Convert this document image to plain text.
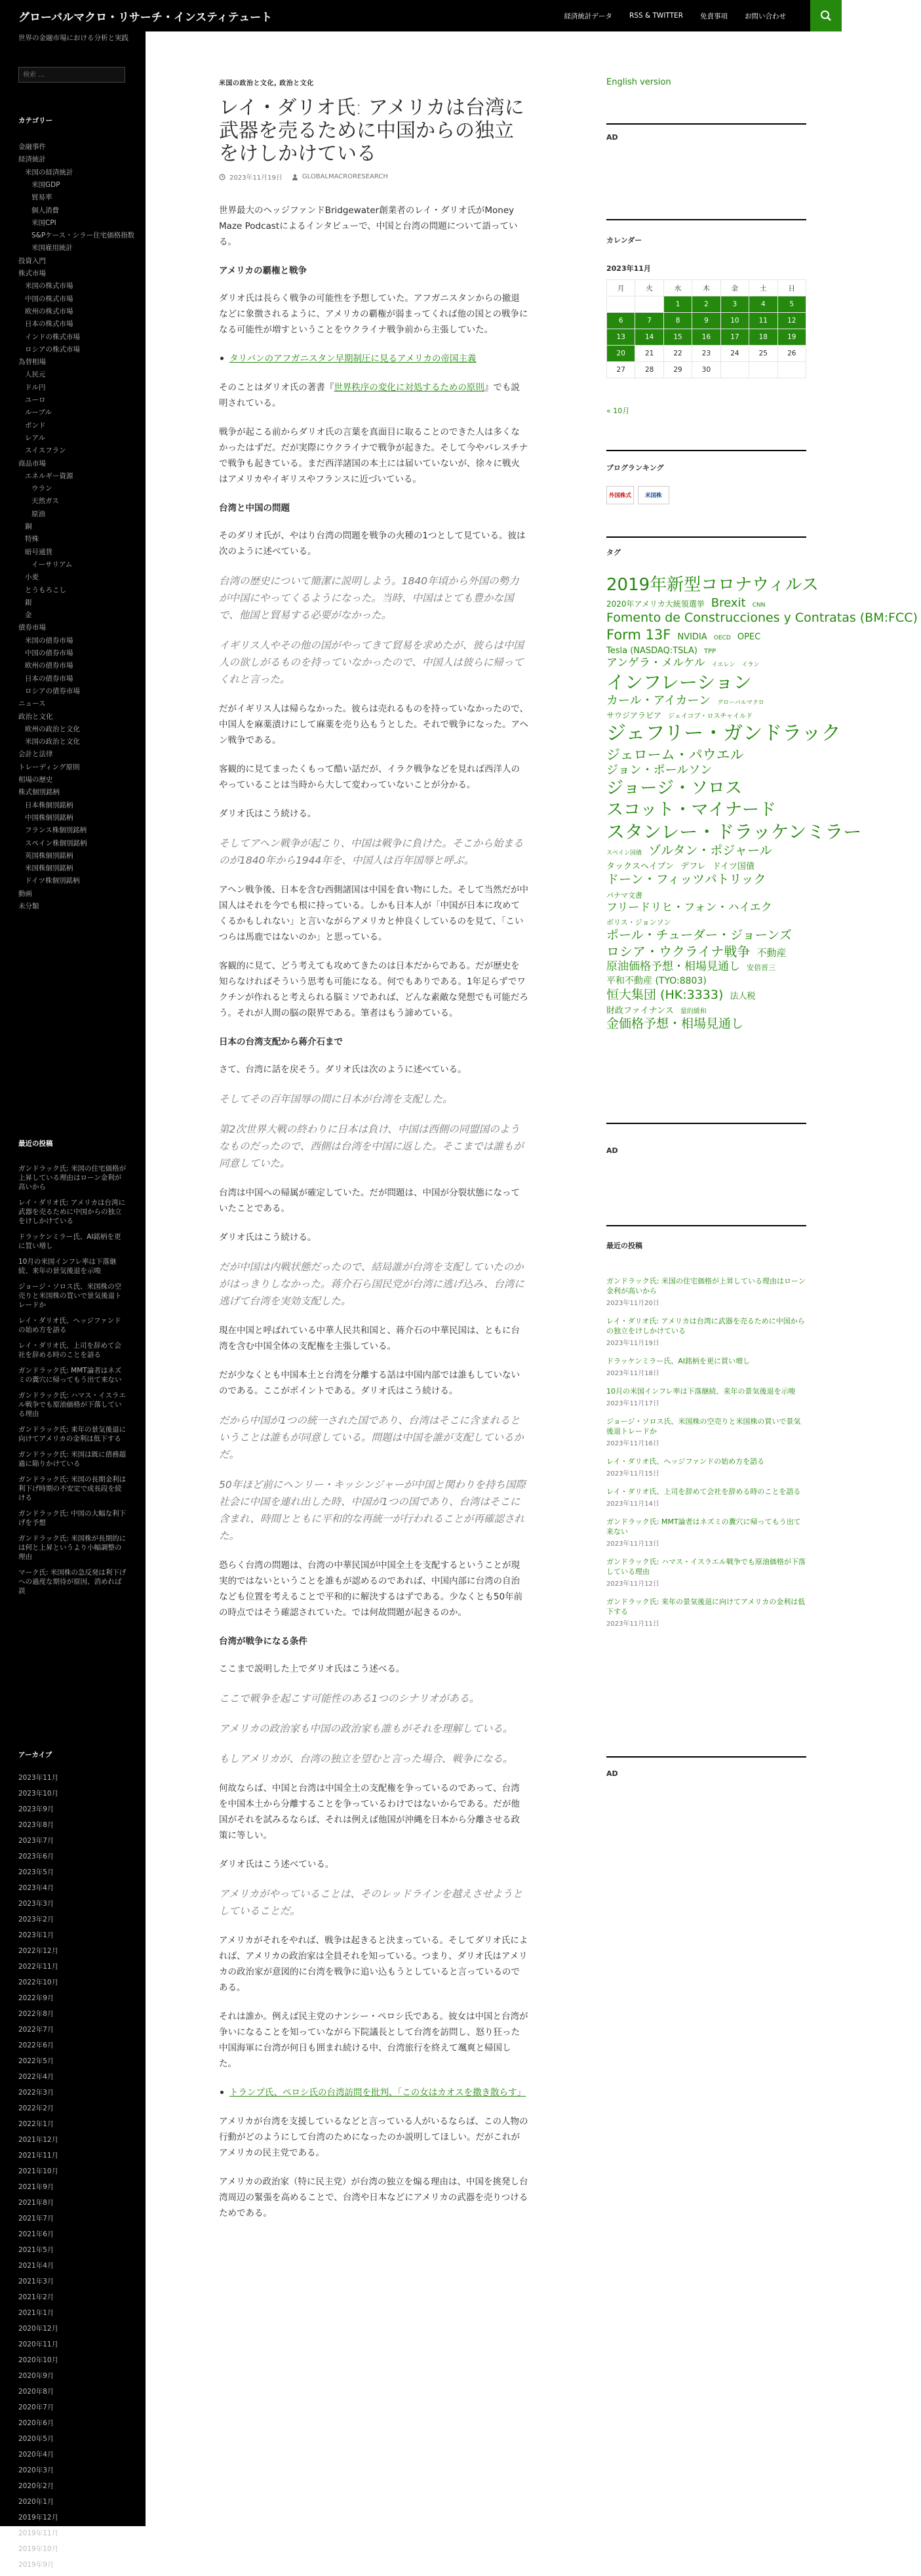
グローバルマクロ・リサーチ・インスティテュート	経済統計データ RSS & TWITTER 免責事項 お問い合わせ
世界の金融市場における分析と実践
検索 …
カテゴリー
金融事件
経済統計
米国の経済統計
米国GDP
貿易率
個人消費
米国CPI
S&Pケース・シラー住宅価格指数
米国雇用統計
投資入門
株式市場
米国の株式市場
中国の株式市場
欧州の株式市場
日本の株式市場
インドの株式市場
ロシアの株式市場
為替相場
人民元
ドル円
ユーロ
ルーブル
ポンド
レアル
スイスフラン
商品市場
エネルギー資源
ウラン
天然ガス
原油
銅
特殊
暗号通貨
イーサリアム
小麦
とうもろこし
銀
金
債券市場
米国の債券市場
中国の債券市場
欧州の債券市場
日本の債券市場
ロシアの債券市場
ニュース
政治と文化
欧州の政治と文化
米国の政治と文化
会計と法律
トレーディング原則
相場の歴史
株式個別銘柄
日本株個別銘柄
中国株個別銘柄
フランス株個別銘柄
スペイン株個別銘柄
英国株個別銘柄
米国株個別銘柄
ドイツ株個別銘柄
動画
未分類
最近の投稿
ガンドラック氏: 米国の住宅価格が上昇している理由はローン金利が高いから
レイ・ダリオ氏: アメリカは台湾に武器を売るために中国からの独立をけしかけている
ドラッケンミラー氏、AI銘柄を更に買い増し
10月の米国インフレ率は下落継続、来年の景気後退を示唆
ジョージ・ソロス氏、米国株の空売りと米国株の買いで景気後退トレードか
レイ・ダリオ氏、ヘッジファンドの始め方を語る
レイ・ダリオ氏、上司を辞めて会社を辞める時のことを語る
ガンドラック氏: MMT論者はネズミの糞穴に帰ってもう出て来ない
ガンドラック氏: ハマス・イスラエル戦争でも原油価格が下落している理由
ガンドラック氏: 来年の景気後退に向けてアメリカの金利は低下する
ガンドラック氏: 米国は既に債務超過に陥りかけている
ガンドラック氏: 米国の長期金利は利下げ時期の不安定で成長段を続ける
ガンドラック氏: 中国の大幅な利下げを予想
ガンドラック氏: 米国株が長期的には何と上昇というより小幅調整の理由
マーク氏: 米国株の急反発は利下げへの過度な期待が原因、消めれば誤
アーカイブ
2023年11月
2023年10月
2023年9月
2023年8月
2023年7月
2023年6月
2023年5月
2023年4月
2023年3月
2023年2月
2023年1月
2022年12月
2022年11月
2022年10月
2022年9月
2022年8月
2022年7月
2022年6月
2022年5月
2022年4月
2022年3月
2022年2月
2022年1月
2021年12月
2021年11月
2021年10月
2021年9月
2021年8月
2021年7月
2021年6月
2021年5月
2021年4月
2021年3月
2021年2月
2021年1月
2020年12月
2020年11月
2020年10月
2020年9月
2020年8月
2020年7月
2020年6月
2020年5月
2020年4月
2020年3月
2020年2月
2020年1月
2019年12月
2019年11月
2019年10月
2019年9月
米国の政治と文化, 政治と文化
レイ・ダリオ氏: アメリカは台湾に武器を売るために中国からの独立をけしかけている
2023年11月19日	GLOBALMACRORESEARCH
世界最大のヘッジファンドBridgewater創業者のレイ・ダリオ氏がMoney Maze Podcastによるインタビューで、中国と台湾の問題について語っている。
アメリカの覇権と戦争
ダリオ氏は長らく戦争の可能性を予想していた。アフガニスタンからの撤退などに象徴されるように、アメリカの覇権が弱まってくれば他の国との戦争になる可能性が増すということをウクライナ戦争前から主張していた。
タリバンのアフガニスタン早期制圧に見るアメリカの帝国主義
そのことはダリオ氏の著書『世界秩序の変化に対処するための原則』でも説明されている。
戦争が起こる前からダリオ氏の言葉を真面目に取ることのできた人は多くなかったはずだ。だが実際にウクライナで戦争が起きた。そして今やパレスチナで戦争も起きている。まだ西洋諸国の本土には届いていないが、徐々に戦火はアメリカやイギリスやフランスに近づいている。
台湾と中国の問題
そのダリオ氏が、やはり台湾の問題を戦争の火種の1つとして見ている。彼は次のように述べている。
台湾の歴史について簡潔に説明しよう。1840年頃から外国の勢力が中国にやってくるようになった。当時、中国はとても豊かな国で、他国と貿易する必要がなかった。
イギリス人やその他の国がやってきて貿易を求めたが、彼らは中国人の欲しがるものを持っていなかったので、中国人は彼らに帰ってくれと言った。
だがイギリス人は帰らなかった。彼らは売れるものを持っていなかったので、中国人を麻薬漬けにして麻薬を売り込もうとした。それで戦争になった。アヘン戦争である。
客観的に見てまったくもって酷い話だが、イラク戦争などを見れば西洋人のやっていることは当時から大して変わっていないことが分かる。
ダリオ氏はこう続ける。
そしてアヘン戦争が起こり、中国は戦争に負けた。そこから始まるのが1840年から1944年を、中国人は百年国辱と呼ぶ。
アヘン戦争後、日本を含む西側諸国は中国を食い物にした。そして当然だが中国人はそれを今でも根に持っている。しかも日本人が「中国が日本に攻めてくるかもしれない」と言いながらアメリカと仲良くしているのを見て、「こいつらは馬鹿ではないのか」と思っている。
客観的に見て、どう考えても攻めてきたのは日本だからである。だが歴史を知らなければそういう思考も可能になる。何でもありである。1年足らずでワクチンが作れると考えられる脳ミソであれば、どんな素敵な発想でも可能だろう。それが人間の脳の限界である。筆者はもう諦めている。
日本の台湾支配から蒋介石まで
さて、台湾に話を戻そう。ダリオ氏は次のように述べている。
そしてその百年国辱の間に日本が台湾を支配した。
第2次世界大戦の終わりに日本は負け、中国は西側の同盟国のようなものだったので、西側は台湾を中国に返した。そこまでは誰もが同意していた。
台湾は中国への帰属が確定していた。だが問題は、中国が分裂状態になっていたことである。
ダリオ氏はこう続ける。
だが中国は内戦状態だったので、結局誰が台湾を支配していたのかがはっきりしなかった。蒋介石ら国民党が台湾に逃げ込み、台湾に逃げて台湾を実効支配した。
現在中国と呼ばれている中華人民共和国と、蒋介石の中華民国は、ともに台湾を含む中国全体の支配権を主張している。
だが少なくとも中国本土と台湾を分離する話は中国内部では誰もしていないのである。ここがポイントである。ダリオ氏はこう続ける。
だから中国が1つの統一された国であり、台湾はそこに含まれるということは誰もが同意している。問題は中国を誰が支配しているかだ。
50年ほど前にヘンリー・キッシンジャーが中国と関わりを持ち国際社会に中国を連れ出した時、中国が1つの国であり、台湾はそこに含まれ、時間とともに平和的な再統一が行われることが再確認された。
恐らく台湾の問題は、台湾の中華民国が中国全土を支配するということが現実的ではないということを誰もが認めるのであれば、中国内部に台湾の自治なども位置を考えることで平和的に解決するはずである。少なくとも50年前の時点ではそう確認されていた。では何故問題が起きるのか。
台湾が戦争になる条件
ここまで説明した上でダリオ氏はこう述べる。
ここで戦争を起こす可能性のある1つのシナリオがある。
アメリカの政治家も中国の政治家も誰もがそれを理解している。
もしアメリカが、台湾の独立を望むと言った場合、戦争になる。
何故ならば、中国と台湾は中国全土の支配権を争っているのであって、台湾を中国本土から分離することを争っているわけではないからである。だが他国がそれを試みるならば、それは例えば他国が沖縄を日本から分離させる政策に等しい。
ダリオ氏はこう述べている。
アメリカがやっていることは、そのレッドラインを越えさせようとしていることだ。
アメリカがそれをやれば、戦争は起きると決まっている。そしてダリオ氏によれば、アメリカの政治家は全員それを知っている。つまり、ダリオ氏はアメリカの政治家が意図的に台湾を戦争に追い込もうとしていると言っているのである。
それは誰か。例えば民主党のナンシー・ペロシ氏である。彼女は中国と台湾が争いになることを知っていながら下院議長として台湾を訪問し、怒り狂った中国海軍に台湾が何日も囲まれ続ける中、台湾旅行を終えて颯爽と帰国した。
トランプ氏、ペロシ氏の台湾訪問を批判、「この女はカオスを撒き散らす」
アメリカが台湾を支援しているなどと言っている人がいるならば、この人物の行動がどのようにして台湾のためになったのか説明してほしい。だがこれがアメリカの民主党である。
アメリカの政治家（特に民主党）が台湾の独立を煽る理由は、中国を挑発し台湾周辺の緊張を高めることで、台湾や日本などにアメリカの武器を売りつけるためである。
English version
AD
カレンダー
2023年11月
月	火	水	木	金	土	日
		1	2	3	4	5
6	7	8	9	10	11	12
13	14	15	16	17	18	19
20	21	22	23	24	25	26
27	28	29	30			
« 10月
ブログランキング
外国株式	米国株
タグ
2019年新型コロナウィルス 2020年アメリカ大統領選挙 Brexit CNN Fomento de Construcciones y Contratas (BM:FCC) Form 13F NVIDIA OECD OPEC Tesla (NASDAQ:TSLA) TPP アンゲラ・メルケル イエレン イラン インフレーション カール・アイカーン グローバルマクロ サウジアラビア ジェイコブ・ロスチャイルド ジェフリー・ガンドラック ジェローム・パウエル ジョン・ポールソン ジョージ・ソロス スコット・マイナード スタンレー・ドラッケンミラー スペイン国債 ゾルタン・ポジャール タックスヘイブン デフレ ドイツ国債 ドーン・フィッツパトリック パナマ文書 フリードリヒ・フォン・ハイエク ボリス・ジョンソン ポール・チューダー・ジョーンズ ロシア・ウクライナ戦争 不動産 原油価格予想・相場見通し 安倍晋三 平和不動産 (TYO:8803) 恒大集団 (HK:3333) 法人税 財政ファイナンス 量的緩和 金価格予想・相場見通し
AD
最近の投稿
ガンドラック氏: 米国の住宅価格が上昇している理由はローン金利が高いから
2023年11月20日
レイ・ダリオ氏: アメリカは台湾に武器を売るために中国からの独立をけしかけている
2023年11月19日
ドラッケンミラー氏、AI銘柄を更に買い増し
2023年11月18日
10月の米国インフレ率は下落継続、来年の景気後退を示唆
2023年11月17日
ジョージ・ソロス氏、米国株の空売りと米国株の買いで景気後退トレードか
2023年11月16日
レイ・ダリオ氏、ヘッジファンドの始め方を語る
2023年11月15日
レイ・ダリオ氏、上司を辞めて会社を辞める時のことを語る
2023年11月14日
ガンドラック氏: MMT論者はネズミの糞穴に帰ってもう出て来ない
2023年11月13日
ガンドラック氏: ハマス・イスラエル戦争でも原油価格が下落している理由
2023年11月12日
ガンドラック氏: 来年の景気後退に向けてアメリカの金利は低下する
2023年11月11日
AD
